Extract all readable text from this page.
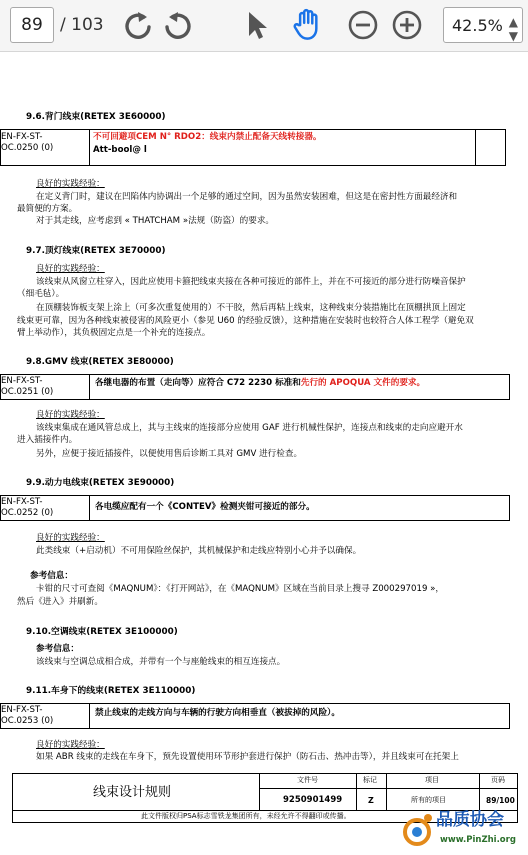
89
/ 103	42.5% ▲
▼
9.6.背门线束(RETEX 3E60000)
EN-FX-ST-
OC.0250 (0)
不可回避项CEM N° RDO2：线束内禁止配备天线转接器。
Att-bool@ l
良好的实践经验：
在定义背门时，建议在凹陷体内协调出一个足够的通过空间，因为虽然安装困难，但这是在密封性方面最经济和
最简便的方案。
对于其走线，应考虑到 « THATCHAM »法规（防盗）的要求。
9.7.顶灯线束(RETEX 3E70000)
良好的实践经验：
该线束从风窗立柱穿入，因此应使用卡箍把线束夹接在各种可接近的部件上，并在不可接近的部分进行防噪音保护
（细毛毡）。
在顶棚装饰板支架上涂上（可多次重复使用的）不干胶，然后再粘上线束，这种线束分装措施比在顶棚拱顶上固定
线束更可靠，因为各种线束被侵害的风险更小（参见 U60 的经验反馈），这种措施在安装时也较符合人体工程学（避免双
臂上举动作），其负极固定点是一个补充的连接点。
9.8.GMV 线束(RETEX 3E80000)
EN-FX-ST-
OC.0251 (0)
各继电器的布置（走向等）应符合 C72 2230 标准和先行的 APOQUA 文件的要求。
良好的实践经验：
该线束集成在通风管总成上，其与主线束的连接部分应使用 GAF 进行机械性保护，连接点和线束的走向应避开水
进入插接件内。
另外，应便于接近插接件，以便使用售后诊断工具对 GMV 进行检查。
9.9.动力电线束(RETEX 3E90000)
EN-FX-ST-
OC.0252 (0)
各电缆应配有一个《CONTEV》检测夹钳可接近的部分。
良好的实践经验：
此类线束（+启动机）不可用保险丝保护，其机械保护和走线应特别小心并予以确保。
参考信息：
卡钳的尺寸可查阅《MAQNUM》：《打开网站》，在《MAQNUM》区域在当前目录上搜寻 Z000297019 »，
然后《进入》并刷新。
9.10.空调线束(RETEX 3E100000)
参考信息：
该线束与空调总成相合成，并带有一个与座舱线束的相互连接点。
9.11.车身下的线束(RETEX 3E110000)
EN-FX-ST-
OC.0253 (0)
禁止线束的走线方向与车辆的行驶方向相垂直（被拔掉的风险）。
良好的实践经验：
如果 ABR 线束的走线在车身下，预先设置使用环节形护套进行保护（防石击、热冲击等），并且线束可在托架上
线束设计规则
文件号	标记	项目	页码
9250901499	Z	所有的项目	89/100
此文件版权归PSA标志雪铁龙集团所有，未经允许不得翻印或传播。	品质协会
www.PinZhi.org
